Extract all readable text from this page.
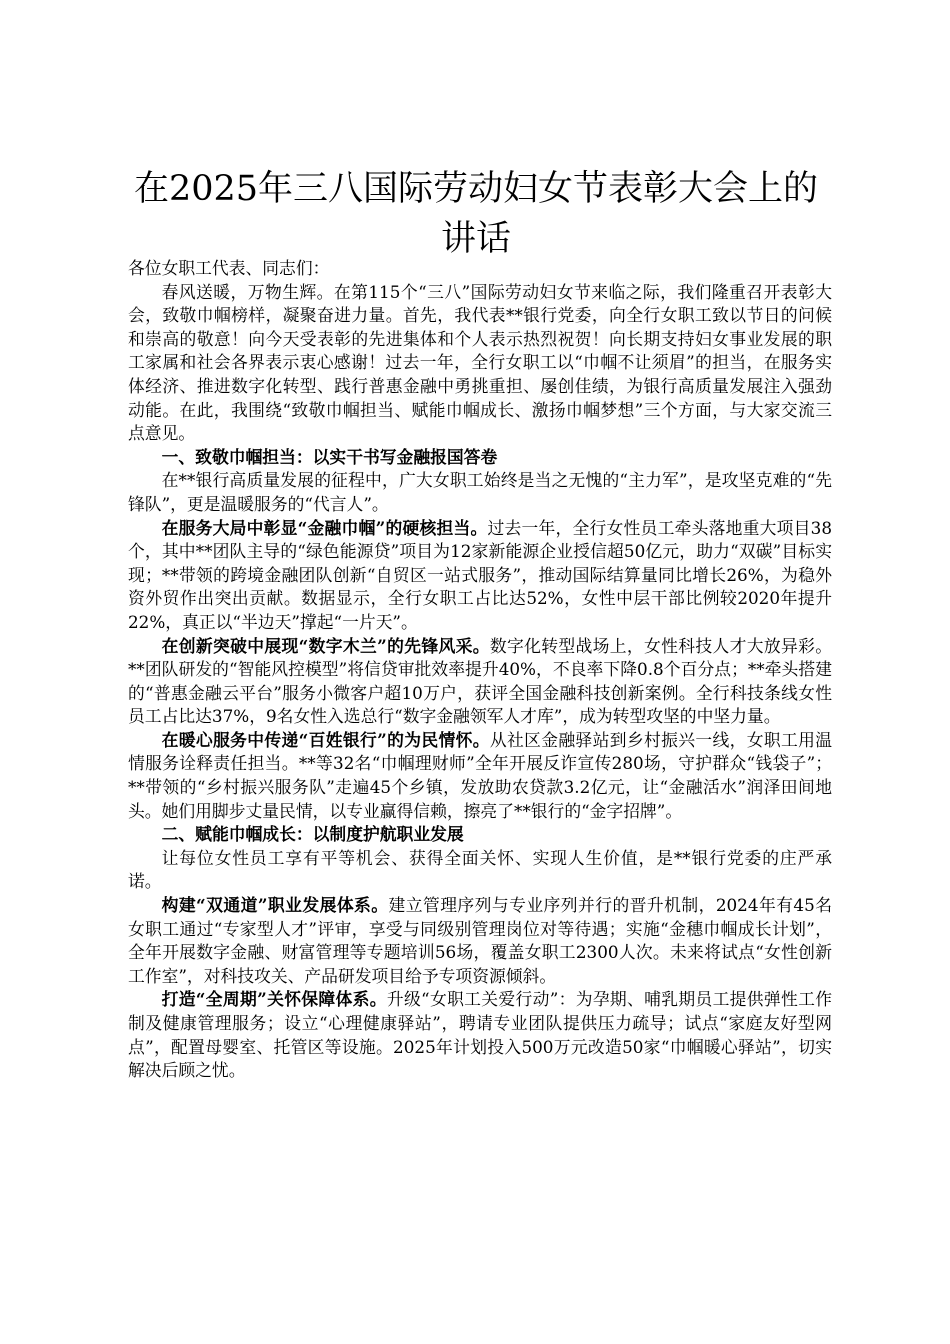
在2025年三八国际劳动妇女节表彰大会上的讲话

各位女职工代表、同志们：

春风送暖，万物生辉。在第115个“三八”国际劳动妇女节来临之际，我们隆重召开表彰大会，致敬巾帼榜样，凝聚奋进力量。首先，我代表**银行党委，向全行女职工致以节日的问候和崇高的敬意！向今天受表彰的先进集体和个人表示热烈祝贺！向长期支持妇女事业发展的职工家属和社会各界表示衷心感谢！过去一年，全行女职工以“巾帼不让须眉”的担当，在服务实体经济、推进数字化转型、践行普惠金融中勇挑重担、屡创佳绩，为银行高质量发展注入强劲动能。在此，我围绕“致敬巾帼担当、赋能巾帼成长、激扬巾帼梦想”三个方面，与大家交流三点意见。

一、致敬巾帼担当：以实干书写金融报国答卷

在**银行高质量发展的征程中，广大女职工始终是当之无愧的“主力军”，是攻坚克难的“先锋队”，更是温暖服务的“代言人”。

在服务大局中彰显“金融巾帼”的硬核担当。过去一年，全行女性员工牵头落地重大项目38个，其中**团队主导的“绿色能源贷”项目为12家新能源企业授信超50亿元，助力“双碳”目标实现；**带领的跨境金融团队创新“自贸区一站式服务”，推动国际结算量同比增长26%，为稳外资外贸作出突出贡献。数据显示，全行女职工占比达52%，女性中层干部比例较2020年提升22%，真正以“半边天”撑起“一片天”。

在创新突破中展现“数字木兰”的先锋风采。数字化转型战场上，女性科技人才大放异彩。**团队研发的“智能风控模型”将信贷审批效率提升40%，不良率下降0.8个百分点；**牵头搭建的“普惠金融云平台”服务小微客户超10万户，获评全国金融科技创新案例。全行科技条线女性员工占比达37%，9名女性入选总行“数字金融领军人才库”，成为转型攻坚的中坚力量。

在暖心服务中传递“百姓银行”的为民情怀。从社区金融驿站到乡村振兴一线，女职工用温情服务诠释责任担当。**等32名“巾帼理财师”全年开展反诈宣传280场，守护群众“钱袋子”；**带领的“乡村振兴服务队”走遍45个乡镇，发放助农贷款3.2亿元，让“金融活水”润泽田间地头。她们用脚步丈量民情，以专业赢得信赖，擦亮了**银行的“金字招牌”。

二、赋能巾帼成长：以制度护航职业发展

让每位女性员工享有平等机会、获得全面关怀、实现人生价值，是**银行党委的庄严承诺。

构建“双通道”职业发展体系。建立管理序列与专业序列并行的晋升机制，2024年有45名女职工通过“专家型人才”评审，享受与同级别管理岗位对等待遇；实施“金穗巾帼成长计划”，全年开展数字金融、财富管理等专题培训56场，覆盖女职工2300人次。未来将试点“女性创新工作室”，对科技攻关、产品研发项目给予专项资源倾斜。

打造“全周期”关怀保障体系。升级“女职工关爱行动”：为孕期、哺乳期员工提供弹性工作制及健康管理服务；设立“心理健康驿站”，聘请专业团队提供压力疏导；试点“家庭友好型网点”，配置母婴室、托管区等设施。2025年计划投入500万元改造50家“巾帼暖心驿站”，切实解决后顾之忧。
